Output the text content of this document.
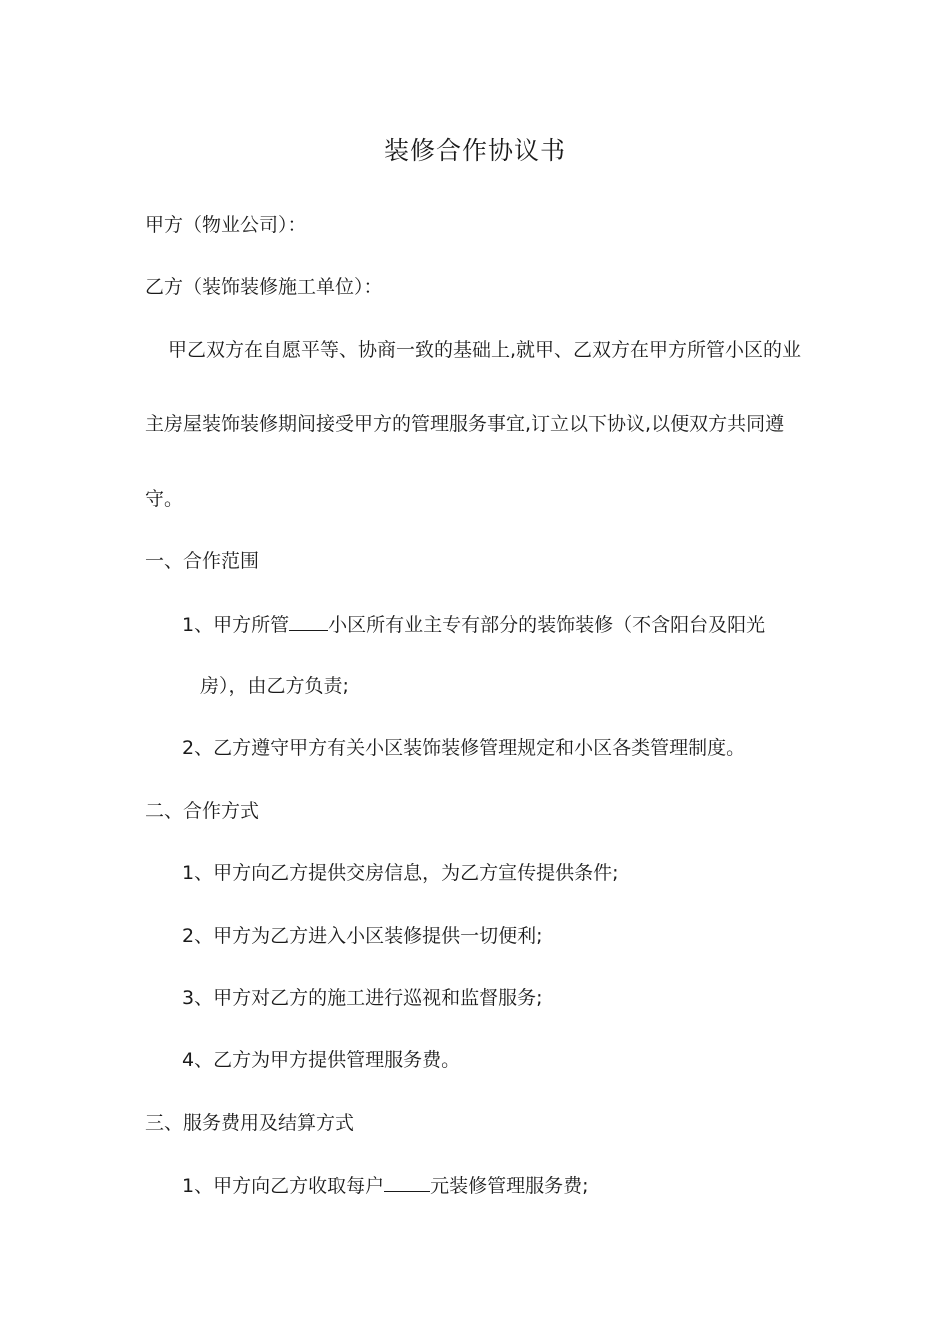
装修合作协议书
甲方（物业公司）：
乙方（装饰装修施工单位）：
甲乙双方在自愿平等、协商一致的基础上,就甲、乙双方在甲方所管小区的业
主房屋装饰装修期间接受甲方的管理服务事宜,订立以下协议,以便双方共同遵
守。
一、合作范围
1、甲方所管 小区所有业主专有部分的装饰装修（不含阳台及阳光
房），由乙方负责;
2、乙方遵守甲方有关小区装饰装修管理规定和小区各类管理制度。
二、合作方式
1、甲方向乙方提供交房信息，为乙方宣传提供条件;
2、甲方为乙方进入小区装修提供一切便利;
3、甲方对乙方的施工进行巡视和监督服务;
4、乙方为甲方提供管理服务费。
三、服务费用及结算方式
1、甲方向乙方收取每户 元装修管理服务费;
